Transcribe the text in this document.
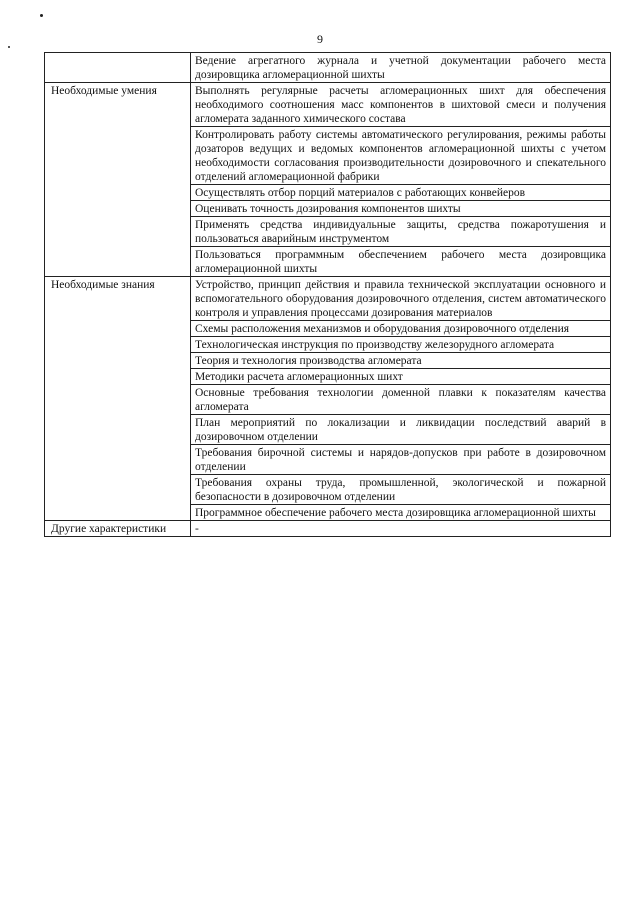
9
	Ведение агрегатного журнала и учетной документации рабочего места дозировщика агломерационной шихты
Необходимые умения	Выполнять регулярные расчеты агломерационных шихт для обеспечения необходимого соотношения масс компонентов в шихтовой смеси и получения агломерата заданного химического состава
	Контролировать работу системы автоматического регулирования, режимы работы дозаторов ведущих и ведомых компонентов агломерационной шихты с учетом необходимости согласования производительности дозировочного и спекательного отделений агломерационной фабрики
	Осуществлять отбор порций материалов с работающих конвейеров
	Оценивать точность дозирования компонентов шихты
	Применять средства индивидуальные защиты, средства пожаротушения и пользоваться аварийным инструментом
	Пользоваться программным обеспечением рабочего места дозировщика агломерационной шихты
Необходимые знания	Устройство, принцип действия и правила технической эксплуатации основного и вспомогательного оборудования дозировочного отделения, систем автоматического контроля и управления процессами дозирования материалов
	Схемы расположения механизмов и оборудования дозировочного отделения
	Технологическая инструкция по производству железорудного агломерата
	Теория и технология производства агломерата
	Методики расчета агломерационных шихт
	Основные требования технологии доменной плавки к показателям качества агломерата
	План мероприятий по локализации и ликвидации последствий аварий в дозировочном отделении
	Требования бирочной системы и нарядов-допусков при работе в дозировочном отделении
	Требования охраны труда, промышленной, экологической и пожарной безопасности в дозировочном отделении
	Программное обеспечение рабочего места дозировщика агломерационной шихты
Другие характеристики	-
